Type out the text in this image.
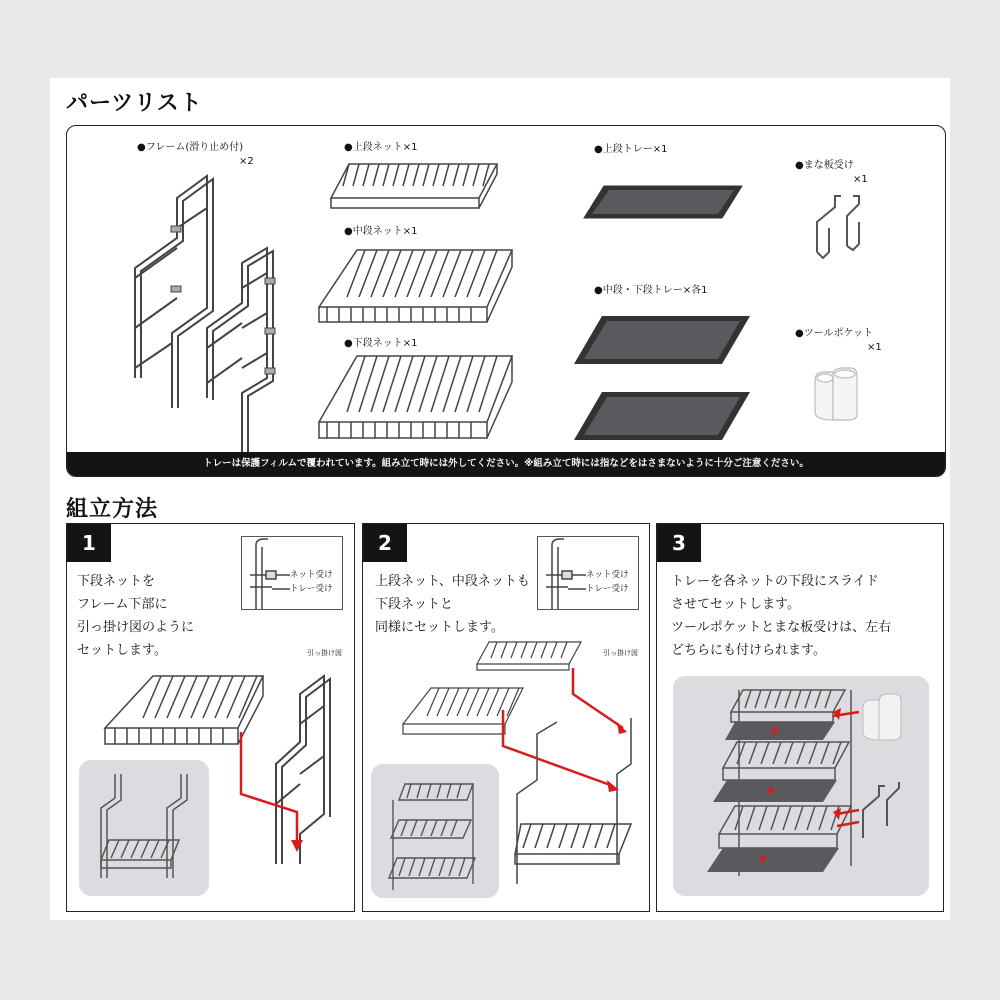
パーツリスト
●フレーム(滑り止め付)
×2
●上段ネット×1
●中段ネット×1
●下段ネット×1
●上段トレー×1
●中段・下段トレー×各1
●まな板受け
×1
●ツールポケット
×1
トレーは保護フィルムで覆われています。組み立て時には外してください。※組み立て時には指などをはさまないように十分ご注意ください。
組立方法
1
下段ネットを
フレーム下部に
引っ掛け図のように
セットします。
ネット受け
トレー受け
引っ掛け図
2
上段ネット、中段ネットも
下段ネットと
同様にセットします。
ネット受け
トレー受け
引っ掛け図
3
トレーを各ネットの下段にスライド
させてセットします。
ツールポケットとまな板受けは、左右
どちらにも付けられます。
